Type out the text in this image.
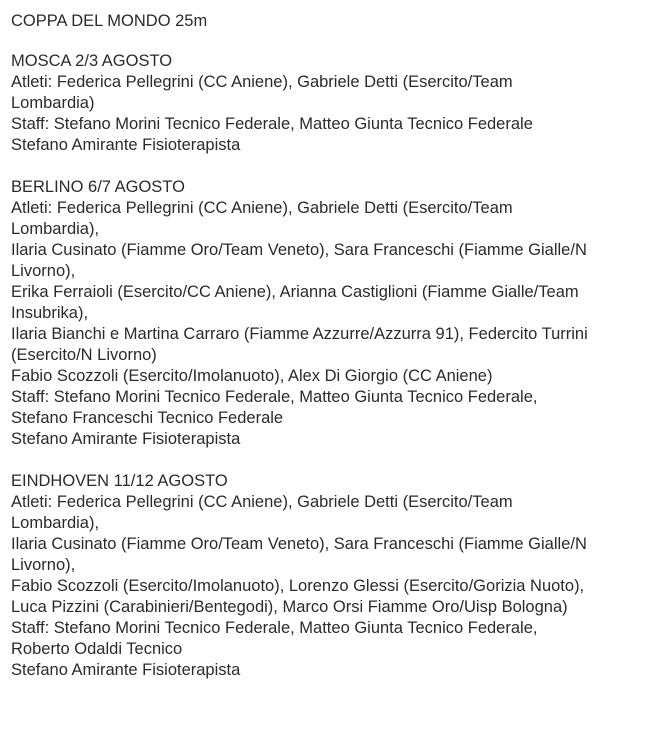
COPPA DEL MONDO 25m
MOSCA 2/3 AGOSTO
Atleti: Federica Pellegrini (CC Aniene), Gabriele Detti (Esercito/Team Lombardia)
Staff: Stefano Morini Tecnico Federale, Matteo Giunta Tecnico Federale
Stefano Amirante Fisioterapista
BERLINO 6/7 AGOSTO
Atleti: Federica Pellegrini (CC Aniene), Gabriele Detti (Esercito/Team Lombardia),
Ilaria Cusinato (Fiamme Oro/Team Veneto), Sara Franceschi (Fiamme Gialle/N Livorno),
Erika Ferraioli (Esercito/CC Aniene), Arianna Castiglioni (Fiamme Gialle/Team Insubrika),
Ilaria Bianchi e Martina Carraro (Fiamme Azzurre/Azzurra 91), Federcito Turrini (Esercito/N Livorno)
Fabio Scozzoli (Esercito/Imolanuoto), Alex Di Giorgio (CC Aniene)
Staff: Stefano Morini Tecnico Federale, Matteo Giunta Tecnico Federale, Stefano Franceschi Tecnico Federale
Stefano Amirante Fisioterapista
EINDHOVEN 11/12 AGOSTO
Atleti: Federica Pellegrini (CC Aniene), Gabriele Detti (Esercito/Team Lombardia),
Ilaria Cusinato (Fiamme Oro/Team Veneto), Sara Franceschi (Fiamme Gialle/N Livorno),
Fabio Scozzoli (Esercito/Imolanuoto), Lorenzo Glessi (Esercito/Gorizia Nuoto),
Luca Pizzini (Carabinieri/Bentegodi), Marco Orsi Fiamme Oro/Uisp Bologna)
Staff: Stefano Morini Tecnico Federale, Matteo Giunta Tecnico Federale, Roberto Odaldi Tecnico
Stefano Amirante Fisioterapista
